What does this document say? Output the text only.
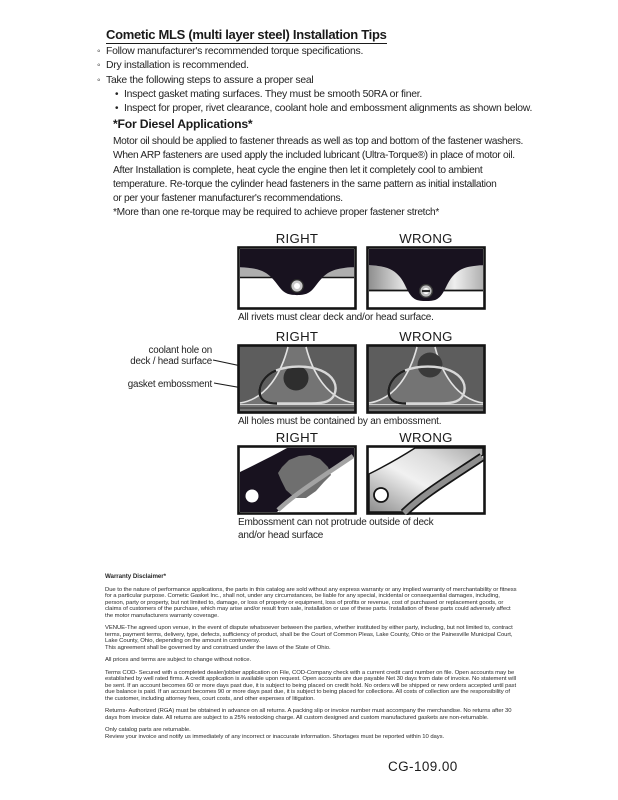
Cometic MLS (multi layer steel) Installation Tips
◦
Follow manufacturer's recommended torque specifications.
◦
Dry installation is recommended.
◦
Take the following steps to assure a proper seal
•
Inspect gasket mating surfaces. They must be smooth 50RA or finer.
•
Inspect for proper, rivet clearance, coolant hole and embossment alignments as shown below.
*For Diesel Applications*
Motor oil should be applied to fastener threads as well as top and bottom of the fastener washers.
When ARP fasteners are used apply the included lubricant (Ultra-Torque®) in place of motor oil.
After Installation is complete, heat cycle the engine then let it completely cool to ambient
temperature. Re-torque the cylinder head fasteners in the same pattern as initial installation
or per your fastener manufacturer's recommendations.
*More than one re-torque may be required to achieve proper fastener stretch*
RIGHT	WRONG
All rivets must clear deck and/or head surface.
RIGHT	WRONG
coolant hole on
deck / head surface
gasket embossment
All holes must be contained by an embossment.
RIGHT	WRONG
Embossment can not protrude outside of deck and/or head surface
Warranty Disclaimer*

Due to the nature of performance applications, the parts in this catalog are sold without any express warranty or any implied warranty of merchantability or fitness for a particular purpose. Cometic Gasket Inc., shall not, under any circumstances, be liable for any special, incidental or consequential damages, including, person, party or property, but not limited to, damage, or loss of property or equipment, loss of profits or revenue, cost of purchased or replacement goods, or claims of customers of the purchase, which may arise and/or result from sale, installation or use of these parts. Installation of these parts could adversely affect the motor manufacturers warranty coverage.

VENUE-The agreed upon venue, in the event of dispute whatsoever between the parties, whether instituted by either party, including, but not limited to, contract terms, payment terms, delivery, type, defects, sufficiency of product, shall be the Court of Common Pleas, Lake County, Ohio or the Painesville Municipal Court, Lake County, Ohio, depending on the amount in controversy.

This agreement shall be governed by and construed under the laws of the State of Ohio.

All prices and terms are subject to change without notice.

Terms COD- Secured with a completed dealer/jobber application on File, COD-Company check with a current credit card number on file. Open accounts may be established by well rated firms. A credit application is available upon request. Open accounts are due payable Net 30 days from date of invoice. No statement will be sent. If an account becomes 60 or more days past due, it is subject to being placed on credit hold. No orders will be shipped or new orders accepted until past due balance is paid. If an account becomes 90 or more days past due, it is subject to being placed for collections. All costs of collection are the responsibility of the customer, including attorney fees, court costs, and other expenses of litigation.

Returns- Authorized (RGA) must be obtained in advance on all returns. A packing slip or invoice number must accompany the merchandise. No returns after 30 days from invoice date. All returns are subject to a 25% restocking charge. All custom designed and custom manufactured gaskets are non-returnable.

Only catalog parts are returnable.

Review your invoice and notify us immediately of any incorrect or inaccurate information. Shortages must be reported within 10 days.

CG-109.00
